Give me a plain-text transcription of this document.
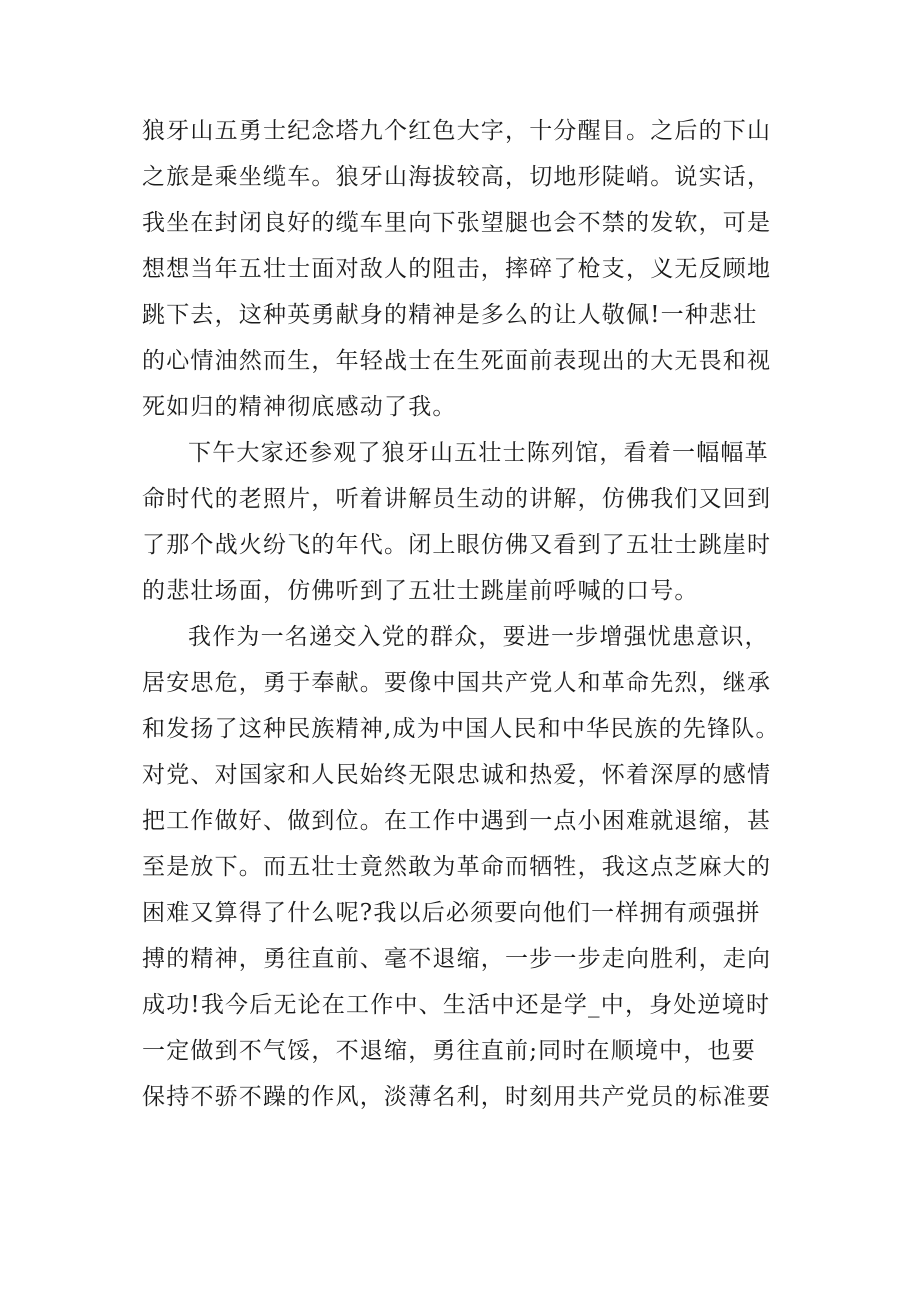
狼牙山五勇士纪念塔九个红色大字，十分醒目。之后的下山
之旅是乘坐缆车。狼牙山海拔较高，切地形陡峭。说实话，
我坐在封闭良好的缆车里向下张望腿也会不禁的发软，可是
想想当年五壮士面对敌人的阻击，摔碎了枪支，义无反顾地
跳下去，这种英勇献身的精神是多么的让人敬佩!一种悲壮
的心情油然而生，年轻战士在生死面前表现出的大无畏和视
死如归的精神彻底感动了我。
下午大家还参观了狼牙山五壮士陈列馆，看着一幅幅革
命时代的老照片，听着讲解员生动的讲解，仿佛我们又回到
了那个战火纷飞的年代。闭上眼仿佛又看到了五壮士跳崖时
的悲壮场面，仿佛听到了五壮士跳崖前呼喊的口号。
我作为一名递交入党的群众，要进一步增强忧患意识，
居安思危，勇于奉献。要像中国共产党人和革命先烈，继承
和发扬了这种民族精神,成为中国人民和中华民族的先锋队。
对党、对国家和人民始终无限忠诚和热爱，怀着深厚的感情
把工作做好、做到位。在工作中遇到一点小困难就退缩，甚
至是放下。而五壮士竟然敢为革命而牺牲，我这点芝麻大的
困难又算得了什么呢?我以后必须要向他们一样拥有顽强拼
搏的精神，勇往直前、毫不退缩，一步一步走向胜利，走向
成功!我今后无论在工作中、生活中还是学_中，身处逆境时
一定做到不气馁，不退缩，勇往直前;同时在顺境中，也要
保持不骄不躁的作风，淡薄名利，时刻用共产党员的标准要
